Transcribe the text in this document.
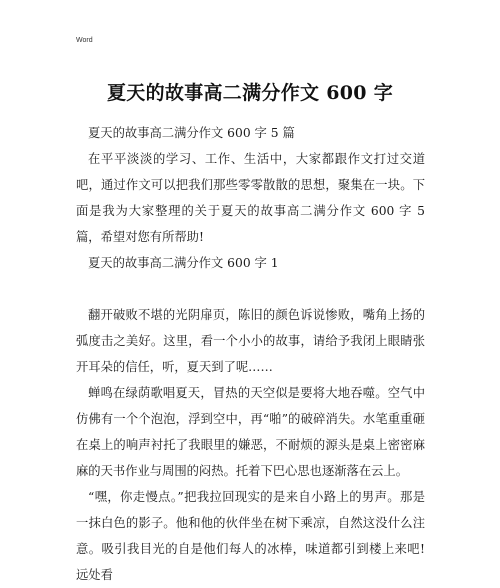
Word
夏天的故事高二满分作文 600 字

夏天的故事高二满分作文 600 字 5 篇

在平平淡淡的学习、工作、生活中，大家都跟作文打过交道吧，通过作文可以把我们那些零零散散的思想，聚集在一块。下面是我为大家整理的关于夏天的故事高二满分作文 600 字 5 篇，希望对您有所帮助!

夏天的故事高二满分作文 600 字 1

翻开破败不堪的光阴扉页，陈旧的颜色诉说惨败，嘴角上扬的弧度击之美好。这里，看一个小小的故事，请给予我闭上眼睛张开耳朵的信任，听，夏天到了呢……

蝉鸣在绿荫歌唱夏天，冒热的天空似是要将大地吞噬。空气中仿佛有一个个泡泡，浮到空中，再“啪”的破碎消失。水笔重重砸在桌上的响声衬托了我眼里的嫌恶，不耐烦的源头是桌上密密麻麻的天书作业与周围的闷热。托着下巴心思也逐渐落在云上。

“嘿，你走慢点。”把我拉回现实的是来自小路上的男声。那是一抹白色的影子。他和他的伙伴坐在树下乘凉，自然这没什么注意。吸引我目光的自是他们每人的冰棒，味道都引到楼上来吧!远处看
